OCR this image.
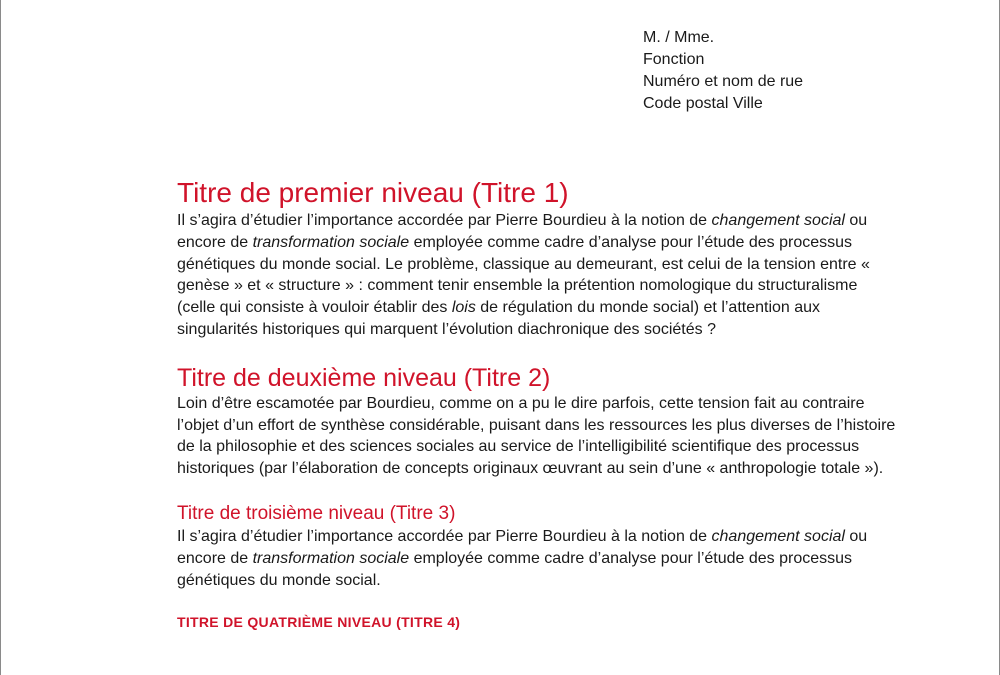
M. / Mme.
Fonction
Numéro et nom de rue
Code postal Ville
Titre de premier niveau (Titre 1)

Il s’agira d’étudier l’importance accordée par Pierre Bourdieu à la notion de changement social ou encore de transformation sociale employée comme cadre d’analyse pour l’étude des processus génétiques du monde social. Le problème, classique au demeurant, est celui de la tension entre « genèse » et « structure » : comment tenir ensemble la prétention nomologique du structuralisme (celle qui consiste à vouloir établir des lois de régulation du monde social) et l’attention aux singularités historiques qui marquent l’évolution diachronique des sociétés ?

Titre de deuxième niveau (Titre 2)

Loin d’être escamotée par Bourdieu, comme on a pu le dire parfois, cette tension fait au contraire l’objet d’un effort de synthèse considérable, puisant dans les ressources les plus diverses de l’histoire de la philosophie et des sciences sociales au service de l’intelligibilité scientifique des processus historiques (par l’élaboration de concepts originaux œuvrant au sein d’une « anthropologie totale »).

Titre de troisième niveau (Titre 3)

Il s’agira d’étudier l’importance accordée par Pierre Bourdieu à la notion de changement social ou encore de transformation sociale employée comme cadre d’analyse pour l’étude des processus génétiques du monde social.

TITRE DE QUATRIÈME NIVEAU (TITRE 4)
